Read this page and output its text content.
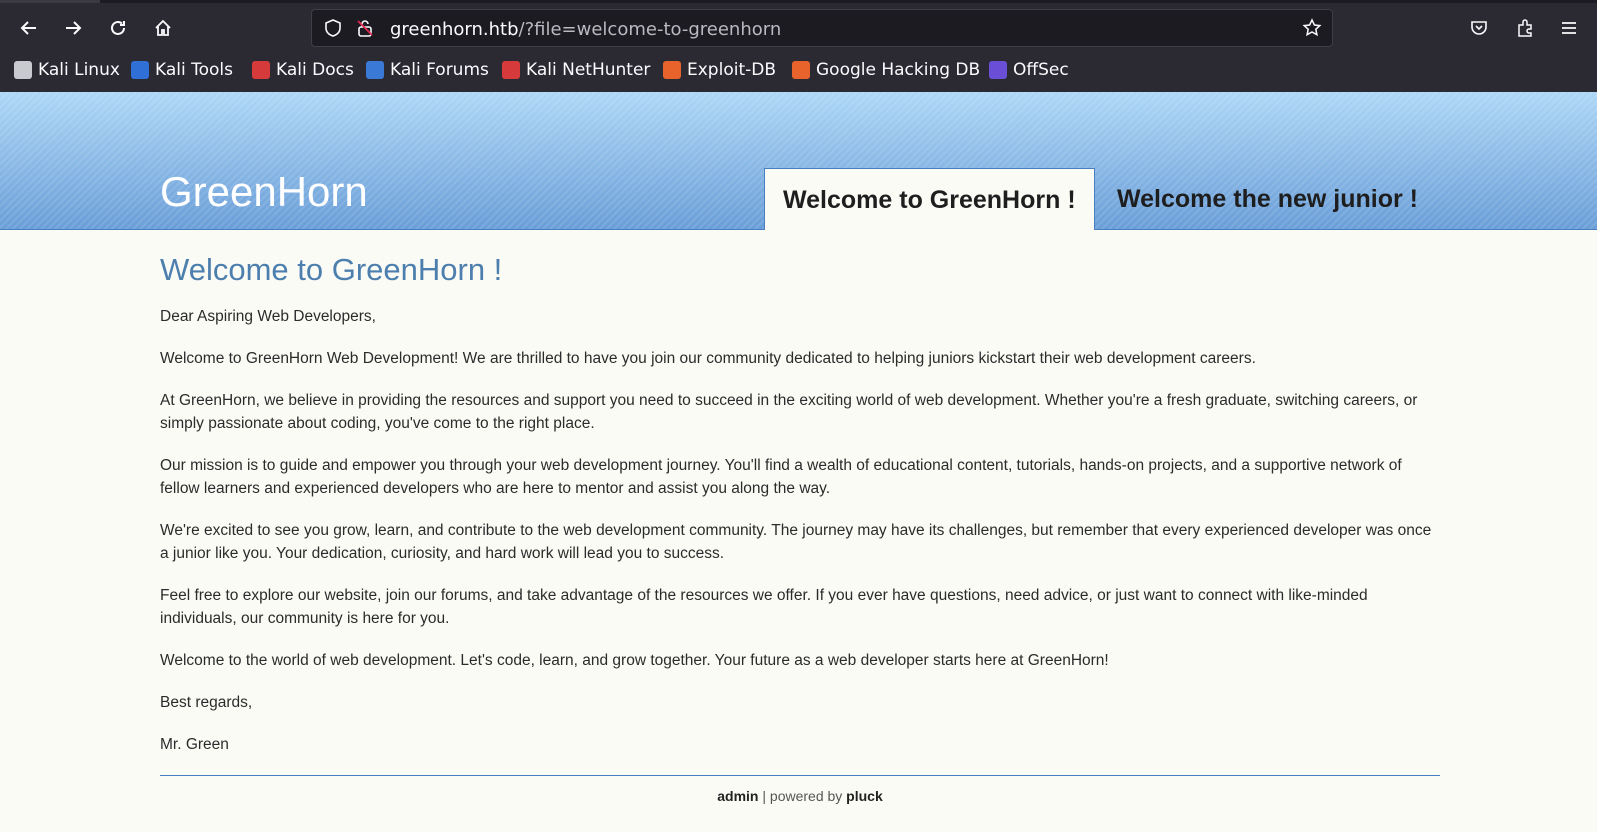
greenhorn.htb/?file=welcome-to-greenhorn
Kali Linux Kali Tools	Kali Docs Kali Forums Kali NetHunter Exploit-DB Google Hacking DB OffSec
GreenHorn	Welcome to GreenHorn !	Welcome the new junior !
Welcome to GreenHorn !

Dear Aspiring Web Developers,

Welcome to GreenHorn Web Development! We are thrilled to have you join our community dedicated to helping juniors kickstart their web development careers.

At GreenHorn, we believe in providing the resources and support you need to succeed in the exciting world of web development. Whether you're a fresh graduate, switching careers, or simply passionate about coding, you've come to the right place.

Our mission is to guide and empower you through your web development journey. You'll find a wealth of educational content, tutorials, hands-on projects, and a supportive network of fellow learners and experienced developers who are here to mentor and assist you along the way.

We're excited to see you grow, learn, and contribute to the web development community. The journey may have its challenges, but remember that every experienced developer was once a junior like you. Your dedication, curiosity, and hard work will lead you to success.

Feel free to explore our website, join our forums, and take advantage of the resources we offer. If you ever have questions, need advice, or just want to connect with like-minded individuals, our community is here for you.

Welcome to the world of web development. Let's code, learn, and grow together. Your future as a web developer starts here at GreenHorn!

Best regards,

Mr. Green

admin | powered by pluck
